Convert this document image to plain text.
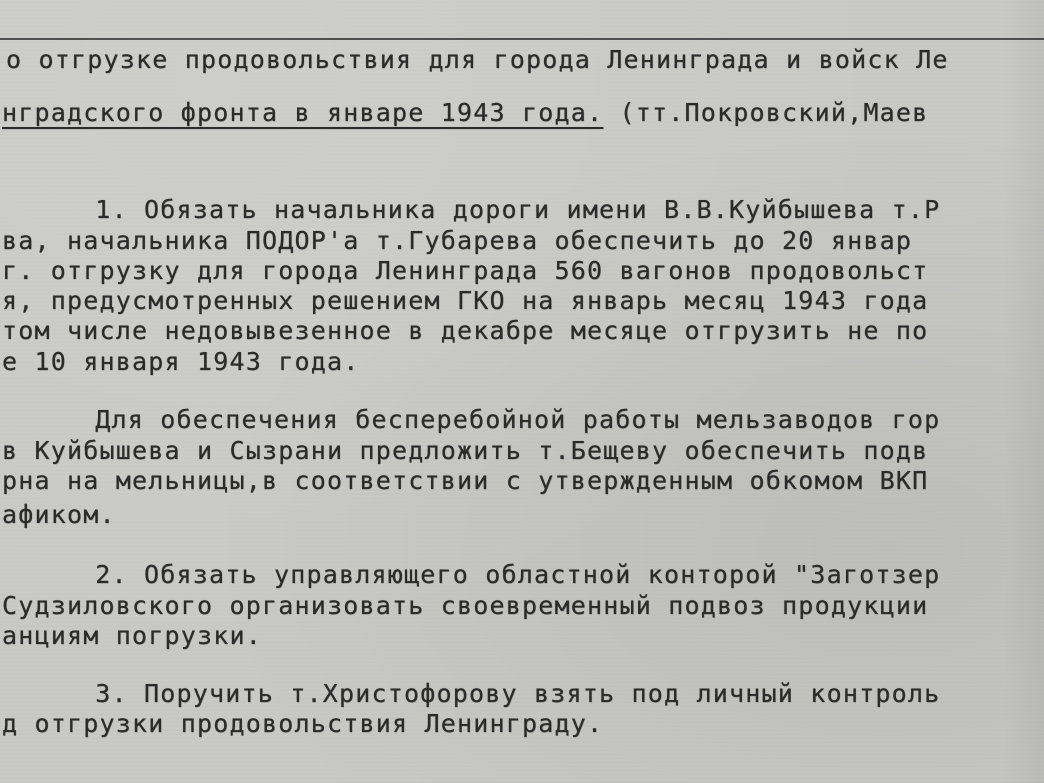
о отгрузке продовольствия для города Ленинграда и войск Ле
нградского фронта в январе 1943 года. (тт.Покровский,Маев
1. Обязать начальника дороги имени В.В.Куйбышева т.Р
ва, начальника ПОДОР'а т.Губарева обеспечить до 20 январ
г. отгрузку для города Ленинграда 560 вагонов продовольст
я, предусмотренных решением ГКО на январь месяц 1943 года
том числе недовывезенное в декабре месяце отгрузить не по
е 10 января 1943 года.
Для обеспечения бесперебойной работы мельзаводов гор
в Куйбышева и Сызрани предложить т.Бещеву обеспечить подв
рна на мельницы,в соответствии с утвержденным обкомом ВКП
афиком.
2. Обязать управляющего областной конторой "Заготзер
Судзиловского организовать своевременный подвоз продукции
анциям погрузки.
3. Поручить т.Христофорову взять под личный контроль
д отгрузки продовольствия Ленинграду.
